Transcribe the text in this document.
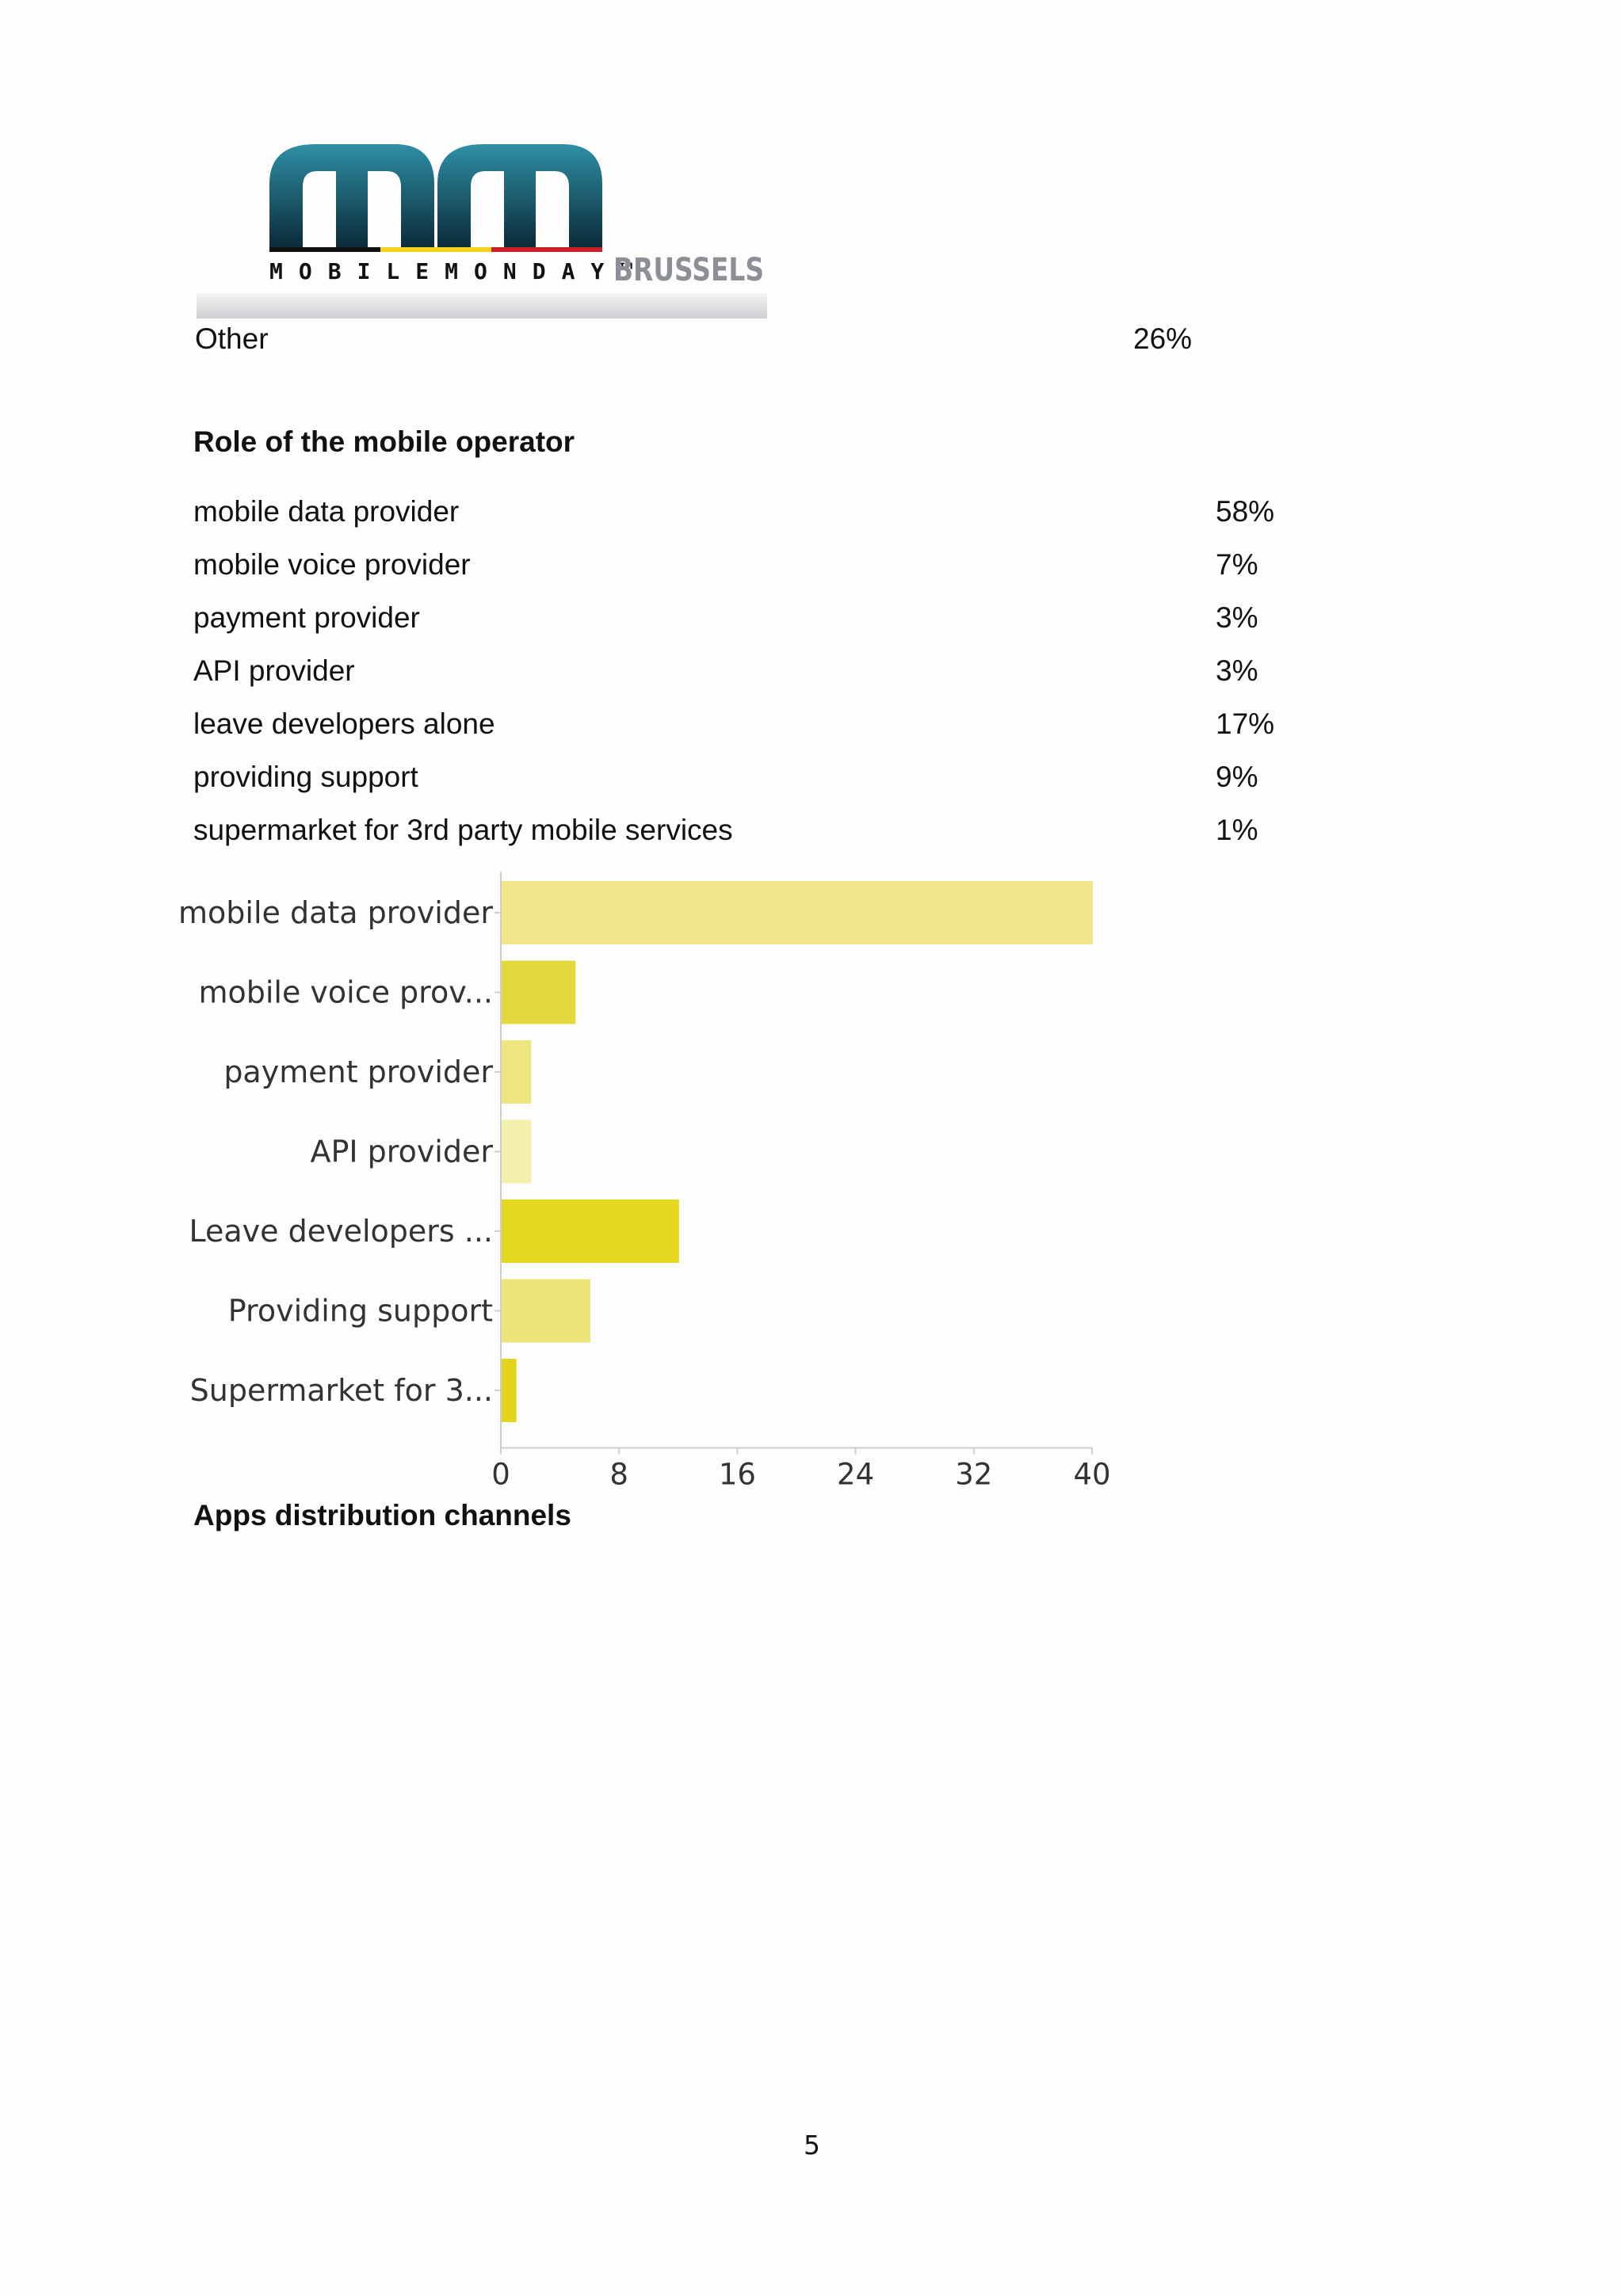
MOBILEMONDAY™
BRUSSELS
Other	26%
Role of the mobile operator
mobile data provider	58%
mobile voice provider	7%
payment provider	3%
API provider	3%
leave developers alone	17%
providing support	9%
supermarket for 3rd party mobile services	1%
mobile data provider
mobile voice prov...
payment provider
API provider
Leave developers ...
Providing support
Supermarket for 3...
0	8	16	24	32	40
Apps distribution channels
5
